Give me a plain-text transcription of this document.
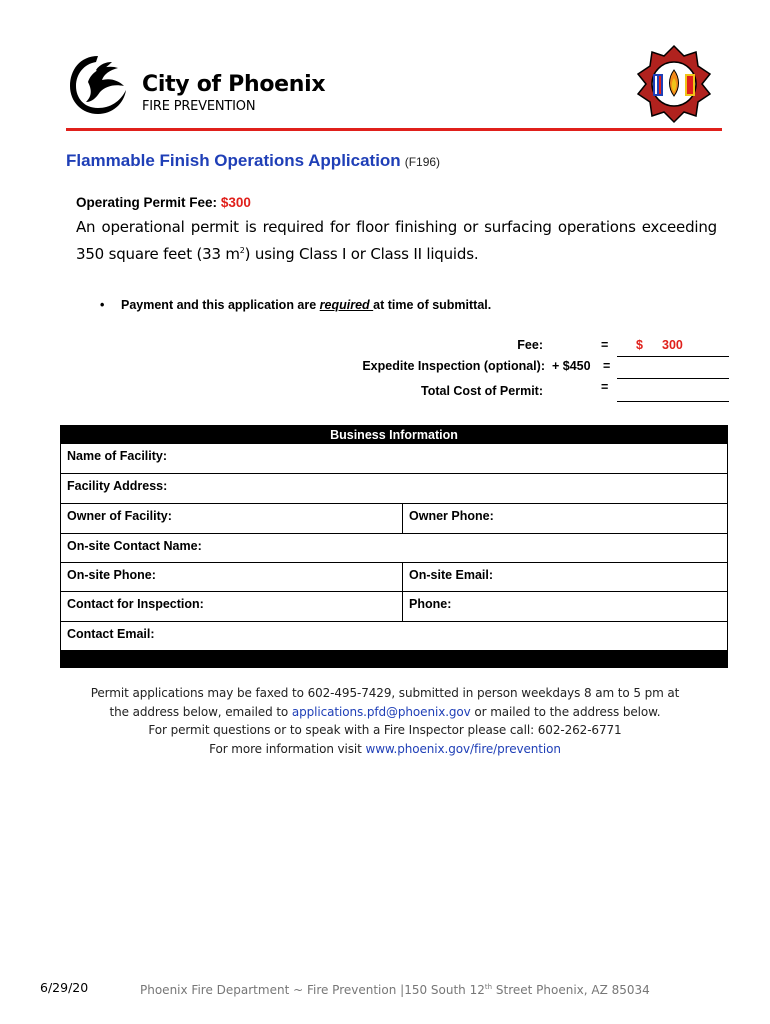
City of Phoenix
FIRE PREVENTION
Flammable Finish Operations Application (F196)
Operating Permit Fee: $300
An operational permit is required for floor finishing or surfacing operations exceeding 350 square feet (33 $m^2$) using Class I or Class II liquids.
• Payment and this application are required at time of submittal.
Fee:	= $ 300
Expedite Inspection (optional): + $450 =
Total Cost of Permit:	=
Business Information
Name of Facility:
Facility Address:
Owner of Facility:	Owner Phone:
On-site Contact Name:
On-site Phone:	On-site Email:
Contact for Inspection:	Phone:
Contact Email:
Permit applications may be faxed to 602-495-7429, submitted in person weekdays 8 am to 5 pm at
the address below, emailed to applications.pfd@phoenix.gov or mailed to the address below.
For permit questions or to speak with a Fire Inspector please call: 602-262-6771
For more information visit www.phoenix.gov/fire/prevention
6/29/20	Phoenix Fire Department ~ Fire Prevention |150 South 12th Street Phoenix, AZ 85034
